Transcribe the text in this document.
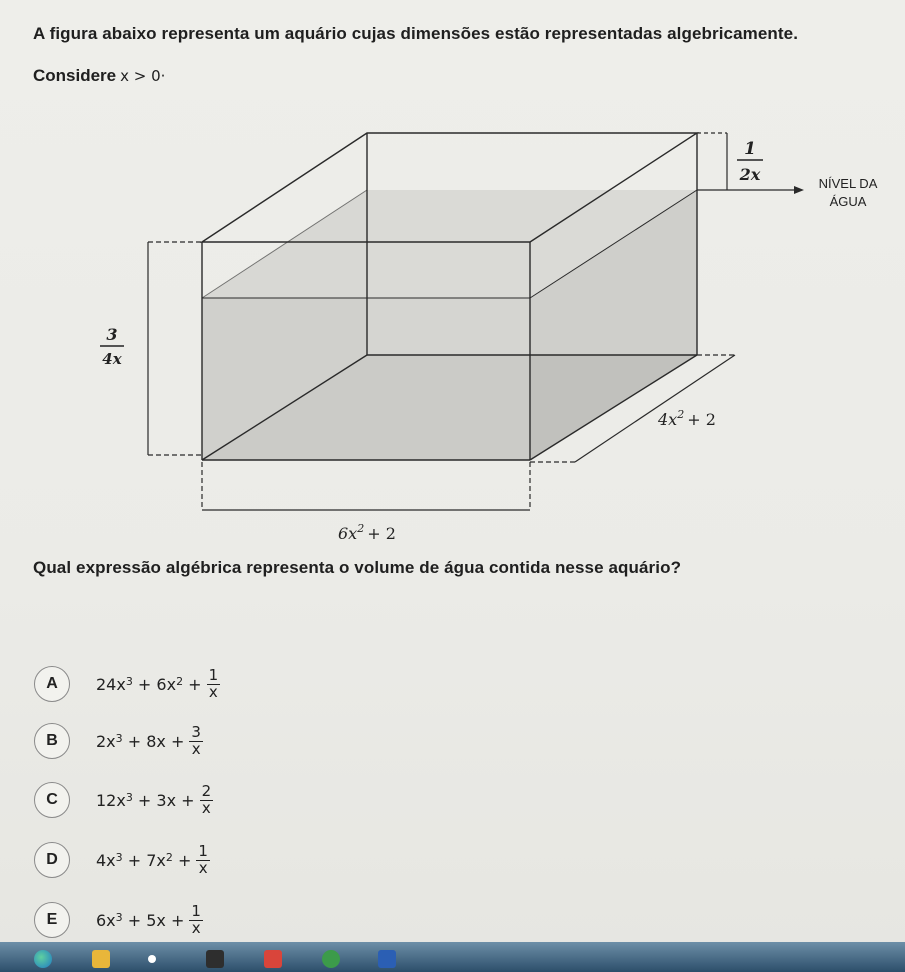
A figura abaixo representa um aquário cujas dimensões estão representadas algebricamente.
Considere x > 0·
1
2x	NÍVEL DA
ÁGUA
3
4x
$4x^2 + 2$
$6x^2 + 2$
Qual expressão algébrica representa o volume de água contida nesse aquário?
A	$24x^3$
+ $6x^2$
+ $\frac{1}{x}$
B	$2x^3$
+ $8x + \frac{3}{x}$
C	$12x^3$
+ $3x + \frac{2}{x}$
D	$4x^3$
+ $7x^2$
+ $\frac{1}{x}$
E	$6x^3$
+ $5x + \frac{1}{x}$
